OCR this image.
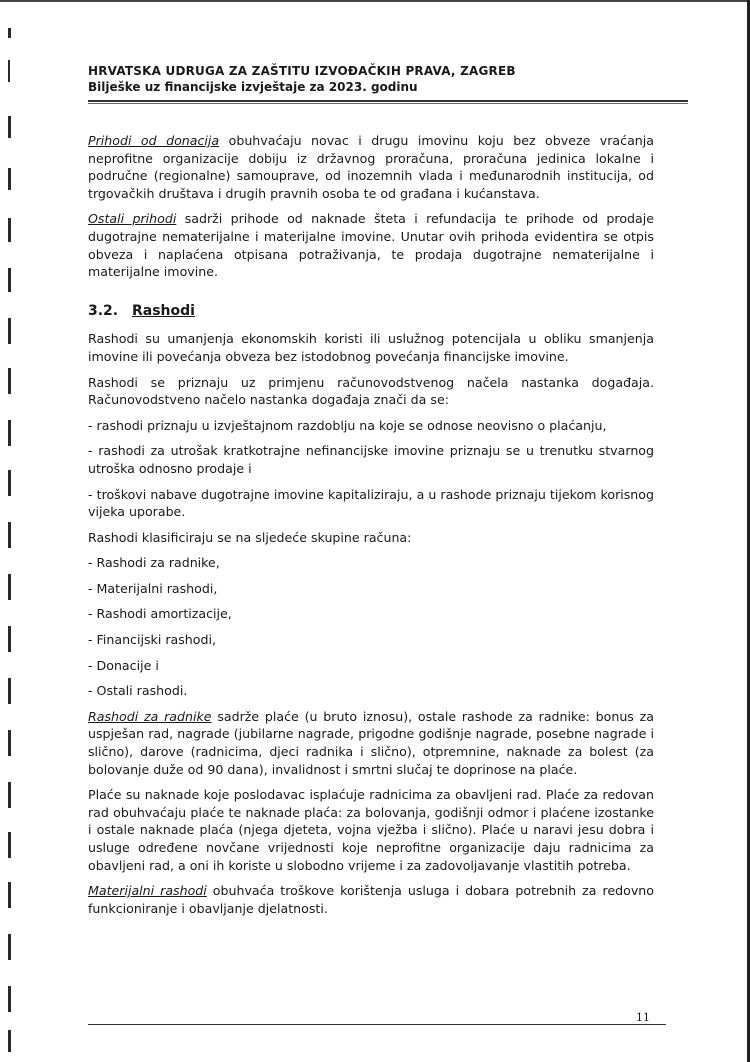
HRVATSKA UDRUGA ZA ZAŠTITU IZVOĐAČKIH PRAVA, ZAGREB
Bilješke uz financijske izvještaje za 2023. godinu

Prihodi od donacija obuhvaćaju novac i drugu imovinu koju bez obveze vraćanja neprofitne organizacije dobiju iz državnog proračuna, proračuna jedinica lokalne i područne (regionalne) samouprave, od inozemnih vlada i međunarodnih institucija, od trgovačkih društava i drugih pravnih osoba te od građana i kućanstava.

Ostali prihodi sadrži prihode od naknade šteta i refundacija te prihode od prodaje dugotrajne nematerijalne i materijalne imovine. Unutar ovih prihoda evidentira se otpis obveza i naplaćena otpisana potraživanja, te prodaja dugotrajne nematerijalne i materijalne imovine.

3.2. Rashodi

Rashodi su umanjenja ekonomskih koristi ili uslužnog potencijala u obliku smanjenja imovine ili povećanja obveza bez istodobnog povećanja financijske imovine.

Rashodi se priznaju uz primjenu računovodstvenog načela nastanka događaja. Računovodstveno načelo nastanka događaja znači da se:

- rashodi priznaju u izvještajnom razdoblju na koje se odnose neovisno o plaćanju,

- rashodi za utrošak kratkotrajne nefinancijske imovine priznaju se u trenutku stvarnog utroška odnosno prodaje i

- troškovi nabave dugotrajne imovine kapitaliziraju, a u rashode priznaju tijekom korisnog vijeka uporabe.

Rashodi klasificiraju se na sljedeće skupine računa:

- Rashodi za radnike,

- Materijalni rashodi,

- Rashodi amortizacije,

- Financijski rashodi,

- Donacije i

- Ostali rashodi.

Rashodi za radnike sadrže plaće (u bruto iznosu), ostale rashode za radnike: bonus za uspješan rad, nagrade (jubilarne nagrade, prigodne godišnje nagrade, posebne nagrade i slično), darove (radnicima, djeci radnika i slično), otpremnine, naknade za bolest (za bolovanje duže od 90 dana), invalidnost i smrtni slučaj te doprinose na plaće.

Plaće su naknade koje poslodavac isplaćuje radnicima za obavljeni rad. Plaće za redovan rad obuhvaćaju plaće te naknade plaća: za bolovanja, godišnji odmor i plaćene izostanke i ostale naknade plaća (njega djeteta, vojna vježba i slično). Plaće u naravi jesu dobra i usluge određene novčane vrijednosti koje neprofitne organizacije daju radnicima za obavljeni rad, a oni ih koriste u slobodno vrijeme i za zadovoljavanje vlastitih potreba.

Materijalni rashodi obuhvaća troškove korištenja usluga i dobara potrebnih za redovno funkcioniranje i obavljanje djelatnosti.

11
